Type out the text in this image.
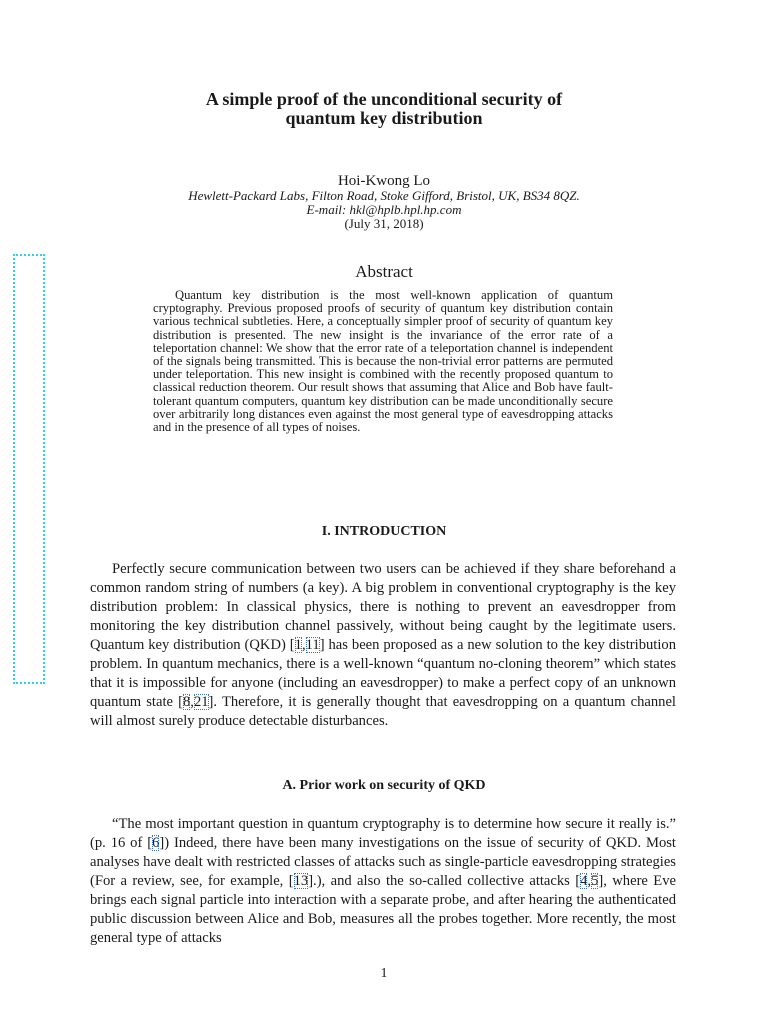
A simple proof of the unconditional security of
quantum key distribution
Hoi-Kwong Lo
Hewlett-Packard Labs, Filton Road, Stoke Gifford, Bristol, UK, BS34 8QZ.
E-mail: hkl@hplb.hpl.hp.com
(July 31, 2018)
Abstract
Quantum key distribution is the most well-known application of quantum cryptography. Previous proposed proofs of security of quantum key distribution contain various technical subtleties. Here, a conceptually simpler proof of security of quantum key distribution is presented. The new insight is the invariance of the error rate of a teleportation channel: We show that the error rate of a teleportation channel is independent of the signals being transmitted. This is because the non-trivial error patterns are permuted under teleportation. This new insight is combined with the recently proposed quantum to classical reduction theorem. Our result shows that assuming that Alice and Bob have fault-tolerant quantum computers, quantum key distribution can be made unconditionally secure over arbitrarily long distances even against the most general type of eavesdropping attacks and in the presence of all types of noises.
I. INTRODUCTION
Perfectly secure communication between two users can be achieved if they share beforehand a common random string of numbers (a key). A big problem in conventional cryptography is the key distribution problem: In classical physics, there is nothing to prevent an eavesdropper from monitoring the key distribution channel passively, without being caught by the legitimate users. Quantum key distribution (QKD) [1,11] has been proposed as a new solution to the key distribution problem. In quantum mechanics, there is a well-known “quantum no-cloning theorem” which states that it is impossible for anyone (including an eavesdropper) to make a perfect copy of an unknown quantum state [8,21]. Therefore, it is generally thought that eavesdropping on a quantum channel will almost surely produce detectable disturbances.
A. Prior work on security of QKD
“The most important question in quantum cryptography is to determine how secure it really is.” (p. 16 of [6]) Indeed, there have been many investigations on the issue of security of QKD. Most analyses have dealt with restricted classes of attacks such as single-particle eavesdropping strategies (For a review, see, for example, [13].), and also the so-called collective attacks [4,5], where Eve brings each signal particle into interaction with a separate probe, and after hearing the authenticated public discussion between Alice and Bob, measures all the probes together. More recently, the most general type of attacks
1
